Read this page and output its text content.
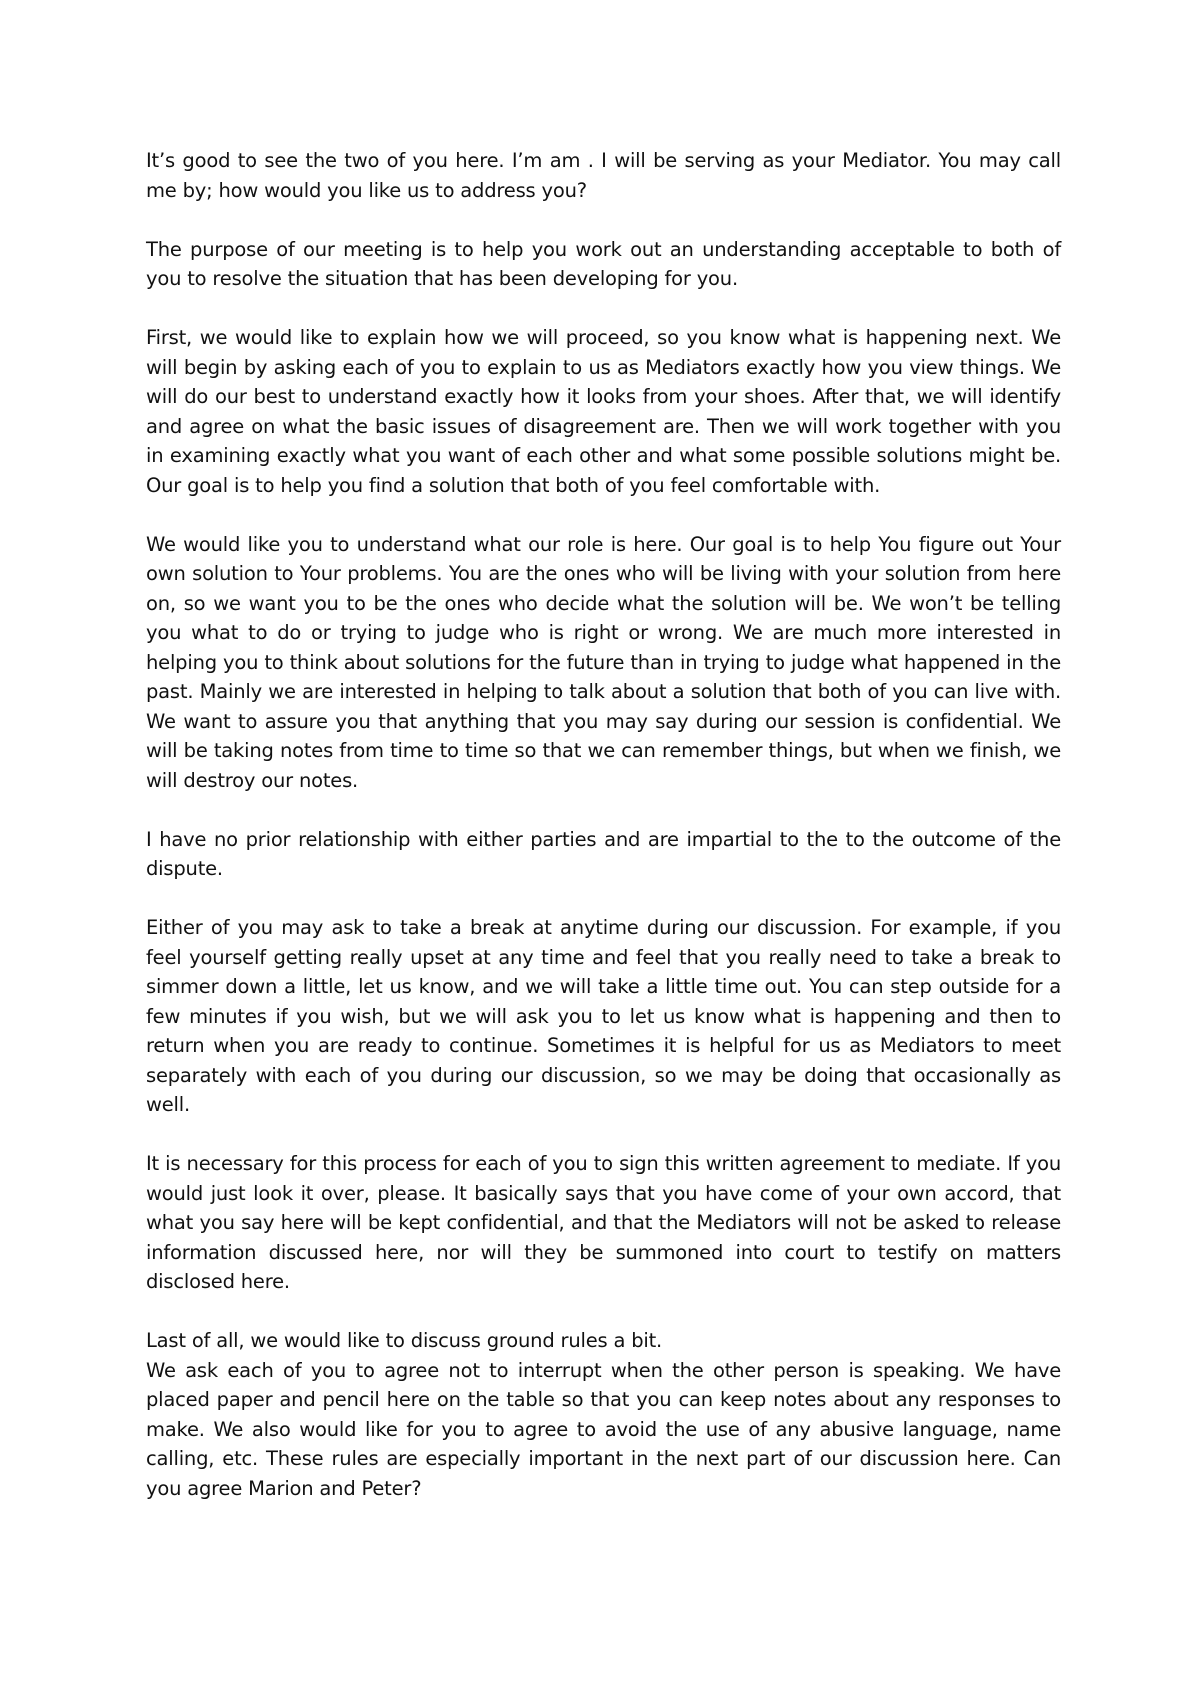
It’s good to see the two of you here. I’m am . I will be serving as your Mediator. You may call me by; how would you like us to address you?

The purpose of our meeting is to help you work out an understanding acceptable to both of you to resolve the situation that has been developing for you.

First, we would like to explain how we will proceed, so you know what is happening next. We will begin by asking each of you to explain to us as Mediators exactly how you view things. We will do our best to understand exactly how it looks from your shoes. After that, we will identify and agree on what the basic issues of disagreement are. Then we will work together with you in examining exactly what you want of each other and what some possible solutions might be. Our goal is to help you find a solution that both of you feel comfortable with.

We would like you to understand what our role is here. Our goal is to help You figure out Your own solution to Your problems. You are the ones who will be living with your solution from here on, so we want you to be the ones who decide what the solution will be. We won’t be telling you what to do or trying to judge who is right or wrong. We are much more interested in helping you to think about solutions for the future than in trying to judge what happened in the past. Mainly we are interested in helping to talk about a solution that both of you can live with. We want to assure you that anything that you may say during our session is confidential. We will be taking notes from time to time so that we can remember things, but when we finish, we will destroy our notes.

I have no prior relationship with either parties and are impartial to the to the outcome of the dispute.

Either of you may ask to take a break at anytime during our discussion. For example, if you feel yourself getting really upset at any time and feel that you really need to take a break to simmer down a little, let us know, and we will take a little time out. You can step outside for a few minutes if you wish, but we will ask you to let us know what is happening and then to return when you are ready to continue. Sometimes it is helpful for us as Mediators to meet separately with each of you during our discussion, so we may be doing that occasionally as well.

It is necessary for this process for each of you to sign this written agreement to mediate. If you would just look it over, please. It basically says that you have come of your own accord, that what you say here will be kept confidential, and that the Mediators will not be asked to release information discussed here, nor will they be summoned into court to testify on matters disclosed here.

Last of all, we would like to discuss ground rules a bit.

We ask each of you to agree not to interrupt when the other person is speaking. We have placed paper and pencil here on the table so that you can keep notes about any responses to make. We also would like for you to agree to avoid the use of any abusive language, name calling, etc. These rules are especially important in the next part of our discussion here. Can you agree Marion and Peter?
